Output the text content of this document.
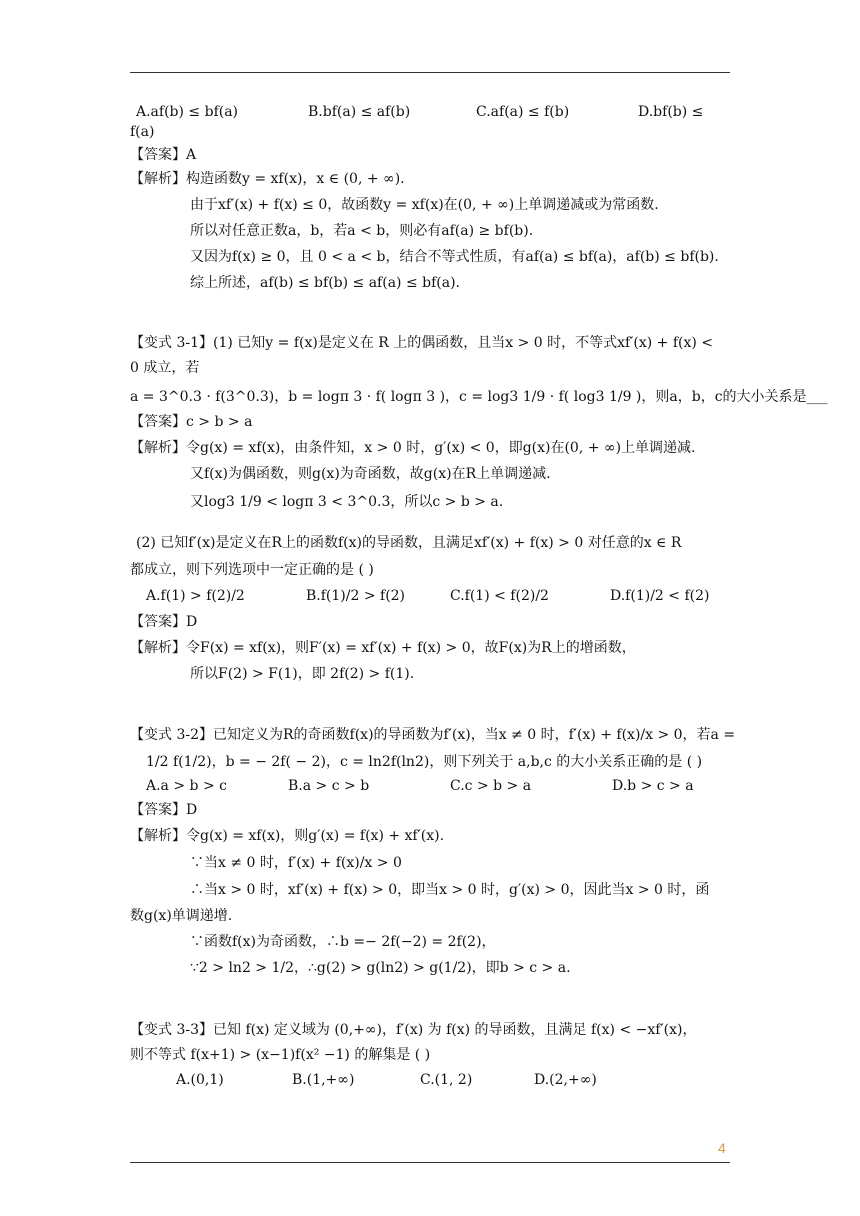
A.af(b) ≤ bf(a)	B.bf(a) ≤ af(b)	C.af(a) ≤ f(b)	D.bf(b) ≤
f(a)
【答案】A
【解析】构造函数y = xf(x)，x ∈ (0, + ∞).
由于xf′(x) + f(x) ≤ 0，故函数y = xf(x)在(0, + ∞)上单调递减或为常函数.
所以对任意正数a，b，若a < b，则必有af(a) ≥ bf(b).
又因为f(x) ≥ 0，且 0 < a < b，结合不等式性质，有af(a) ≤ bf(a)，af(b) ≤ bf(b).
综上所述，af(b) ≤ bf(b) ≤ af(a) ≤ bf(a).
【变式 3-1】(1) 已知y = f(x)是定义在 R 上的偶函数，且当x > 0 时，不等式xf′(x) + f(x) <
0 成立，若
a = 3^0.3 · f(3^0.3)，b = logπ 3 · f( logπ 3 )，c = log3 1/9 · f( log3 1/9 )，则a，b，c的大小关系是___
【答案】c > b > a
【解析】令g(x) = xf(x)，由条件知，x > 0 时，g′(x) < 0，即g(x)在(0, + ∞)上单调递减.
又f(x)为偶函数，则g(x)为奇函数，故g(x)在R上单调递减.
又log3 1/9 < logπ 3 < 3^0.3，所以c > b > a.
(2) 已知f′(x)是定义在R上的函数f(x)的导函数，且满足xf′(x) + f(x) > 0 对任意的x ∈ R
都成立，则下列选项中一定正确的是 ( )
A.f(1) > f(2)/2	B.f(1)/2 > f(2)	C.f(1) < f(2)/2	D.f(1)/2 < f(2)
【答案】D
【解析】令F(x) = xf(x)，则F′(x) = xf′(x) + f(x) > 0，故F(x)为R上的增函数，
所以F(2) > F(1)，即 2f(2) > f(1).
【变式 3-2】已知定义为R的奇函数f(x)的导函数为f′(x)，当x ≠ 0 时，f′(x) + f(x)/x > 0，若a =
1/2 f(1/2)，b = − 2f( − 2)，c = ln2f(ln2)，则下列关于 a,b,c 的大小关系正确的是 ( )
A.a > b > c	B.a > c > b	C.c > b > a	D.b > c > a
【答案】D
【解析】令g(x) = xf(x)，则g′(x) = f(x) + xf′(x).
∵当x ≠ 0 时，f′(x) + f(x)/x > 0
∴当x > 0 时，xf′(x) + f(x) > 0，即当x > 0 时，g′(x) > 0，因此当x > 0 时，函
数g(x)单调递增.
∵函数f(x)为奇函数，∴b =− 2f(−2) = 2f(2)，
∵2 > ln2 > 1/2，∴g(2) > g(ln2) > g(1/2)，即b > c > a.
【变式 3-3】已知 f(x) 定义域为 (0,+∞)，f′(x) 为 f(x) 的导函数，且满足 f(x) < −xf′(x)，
则不等式 f(x+1) > (x−1)f(x² −1) 的解集是 ( )
A.(0,1)	B.(1,+∞)	C.(1, 2)	D.(2,+∞)
4
